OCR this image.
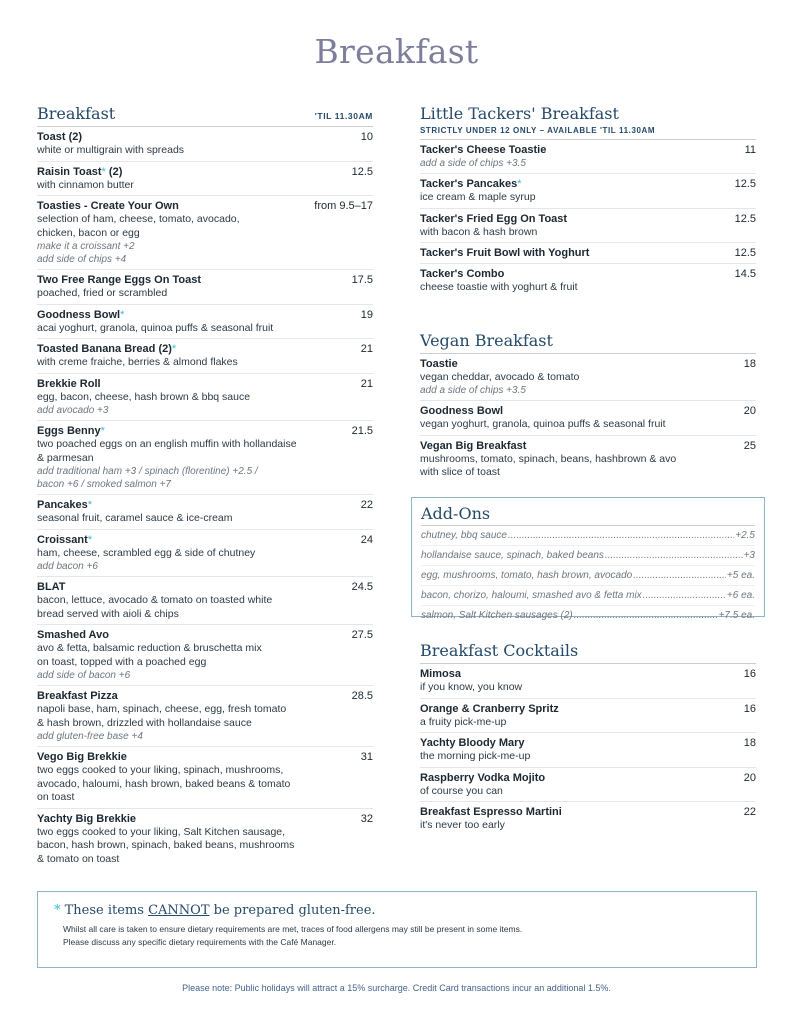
Breakfast
Breakfast	'TIL 11.30AM
Toast (2)	10
white or multigrain with spreads
Raisin Toast* (2)	12.5
with cinnamon butter
Toasties - Create Your Own	from 9.5–17
selection of ham, cheese, tomato, avocado,
chicken, bacon or egg
make it a croissant +2
add side of chips +4
Two Free Range Eggs On Toast	17.5
poached, fried or scrambled
Goodness Bowl*	19
acai yoghurt, granola, quinoa puffs & seasonal fruit
Toasted Banana Bread (2)*	21
with creme fraiche, berries & almond flakes
Brekkie Roll	21
egg, bacon, cheese, hash brown & bbq sauce
add avocado +3
Eggs Benny*	21.5
two poached eggs on an english muffin with hollandaise
& parmesan
add traditional ham +3 / spinach (florentine) +2.5 /
bacon +6 / smoked salmon +7
Pancakes*	22
seasonal fruit, caramel sauce & ice-cream
Croissant*	24
ham, cheese, scrambled egg & side of chutney
add bacon +6
BLAT	24.5
bacon, lettuce, avocado & tomato on toasted white
bread served with aioli & chips
Smashed Avo	27.5
avo & fetta, balsamic reduction & bruschetta mix
on toast, topped with a poached egg
add side of bacon +6
Breakfast Pizza	28.5
napoli base, ham, spinach, cheese, egg, fresh tomato
& hash brown, drizzled with hollandaise sauce
add gluten-free base +4
Vego Big Brekkie	31
two eggs cooked to your liking, spinach, mushrooms,
avocado, haloumi, hash brown, baked beans & tomato
on toast
Yachty Big Brekkie	32
two eggs cooked to your liking, Salt Kitchen sausage,
bacon, hash brown, spinach, baked beans, mushrooms
& tomato on toast
Little Tackers' Breakfast
STRICTLY UNDER 12 ONLY – AVAILABLE 'TIL 11.30AM
Tacker's Cheese Toastie	11
add a side of chips +3.5
Tacker's Pancakes*	12.5
ice cream & maple syrup
Tacker's Fried Egg On Toast	12.5
with bacon & hash brown
Tacker's Fruit Bowl with Yoghurt	12.5
Tacker's Combo	14.5
cheese toastie with yoghurt & fruit
Vegan Breakfast
Toastie	18
vegan cheddar, avocado & tomato
add a side of chips +3.5
Goodness Bowl	20
vegan yoghurt, granola, quinoa puffs & seasonal fruit
Vegan Big Breakfast	25
mushrooms, tomato, spinach, beans, hashbrown & avo
with slice of toast
Add-Ons
chutney, bbq sauce .....	+2.5
hollandaise sauce, spinach, baked beans .....	+3
egg, mushrooms, tomato, hash brown, avocado .....	+5 ea.
bacon, chorizo, haloumi, smashed avo & fetta mix .....	+6 ea.
salmon, Salt Kitchen sausages (2) .....	+7.5 ea.
Breakfast Cocktails
Mimosa	16
if you know, you know
Orange & Cranberry Spritz	16
a fruity pick-me-up
Yachty Bloody Mary	18
the morning pick-me-up
Raspberry Vodka Mojito	20
of course you can
Breakfast Espresso Martini	22
it's never too early
* These items CANNOT be prepared gluten-free.
Whilst all care is taken to ensure dietary requirements are met, traces of food allergens may still be present in some items.
Please discuss any specific dietary requirements with the Café Manager.
Please note: Public holidays will attract a 15% surcharge. Credit Card transactions incur an additional 1.5%.
